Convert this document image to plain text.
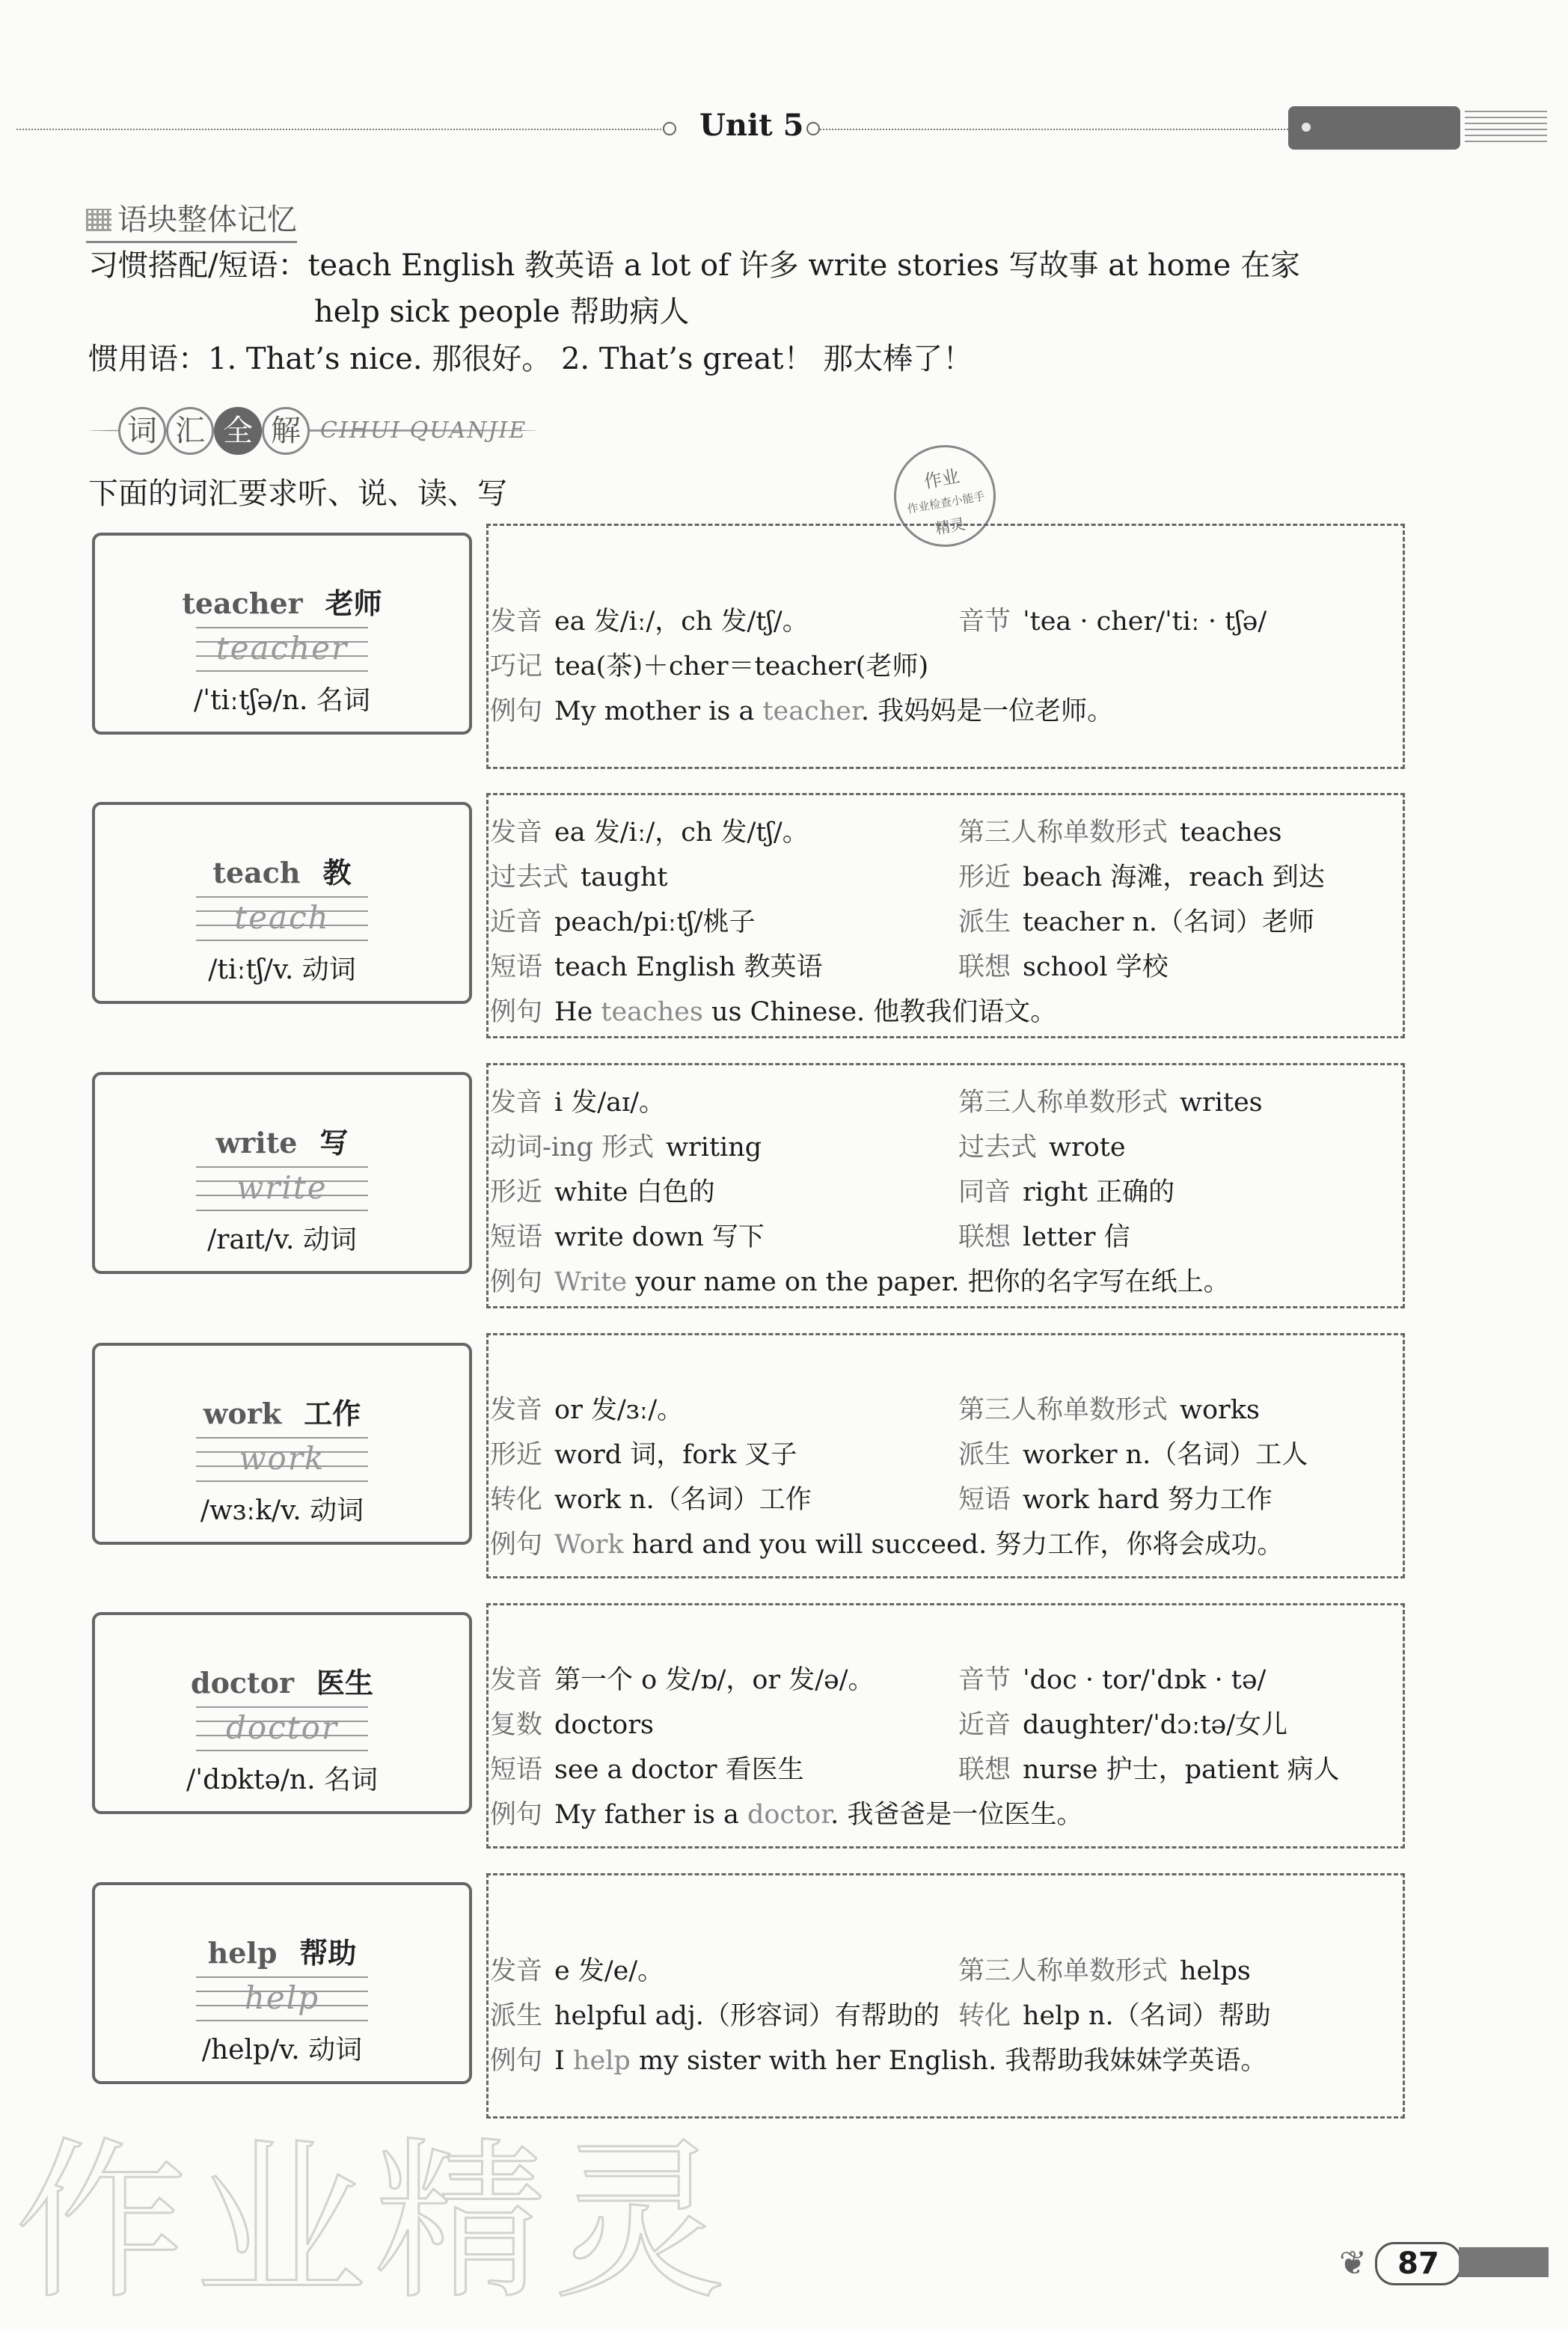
Unit 5
语块整体记忆
习惯搭配/短语：teach English 教英语 a lot of 许多 write stories 写故事 at home 在家
help sick people 帮助病人
惯用语：1. That’s nice. 那很好。 2. That’s great！ 那太棒了！
词 汇 全 解 CIHUI QUANJIE
下面的词汇要求听、说、读、写	作业
作业检查小能手
精灵
teacher 老师
teacher
/ˈtiːtʃə/n. 名词
发音 ea 发/iː/，ch 发/tʃ/。	音节 ˈtea · cher/ˈtiː · tʃə/
巧记 tea(茶)＋cher＝teacher(老师)
例句 My mother is a teacher. 我妈妈是一位老师。
teach 教
teach
/tiːtʃ/v. 动词
发音 ea 发/iː/，ch 发/tʃ/。	第三人称单数形式 teaches
过去式 taught	形近 beach 海滩，reach 到达
近音 peach/piːtʃ/桃子	派生 teacher n.（名词）老师
短语 teach English 教英语	联想 school 学校
例句 He teaches us Chinese. 他教我们语文。
write 写
write
/raɪt/v. 动词
发音 i 发/aɪ/。	第三人称单数形式 writes
动词-ing 形式 writing	过去式 wrote
形近 white 白色的	同音 right 正确的
短语 write down 写下	联想 letter 信
例句 Write your name on the paper. 把你的名字写在纸上。
work 工作
work
/wɜːk/v. 动词
发音 or 发/ɜː/。	第三人称单数形式 works
形近 word 词，fork 叉子	派生 worker n.（名词）工人
转化 work n.（名词）工作	短语 work hard 努力工作
例句 Work hard and you will succeed. 努力工作，你将会成功。
doctor 医生
doctor
/ˈdɒktə/n. 名词
发音 第一个 o 发/ɒ/，or 发/ə/。	音节 ˈdoc · tor/ˈdɒk · tə/
复数 doctors	近音 daughter/ˈdɔːtə/女儿
短语 see a doctor 看医生	联想 nurse 护士，patient 病人
例句 My father is a doctor. 我爸爸是一位医生。
help 帮助
help
/help/v. 动词
发音 e 发/e/。	第三人称单数形式 helps
派生 helpful adj.（形容词）有帮助的 转化 help n.（名词）帮助
例句 I help my sister with her English. 我帮助我妹妹学英语。
❦	87
作业精灵
